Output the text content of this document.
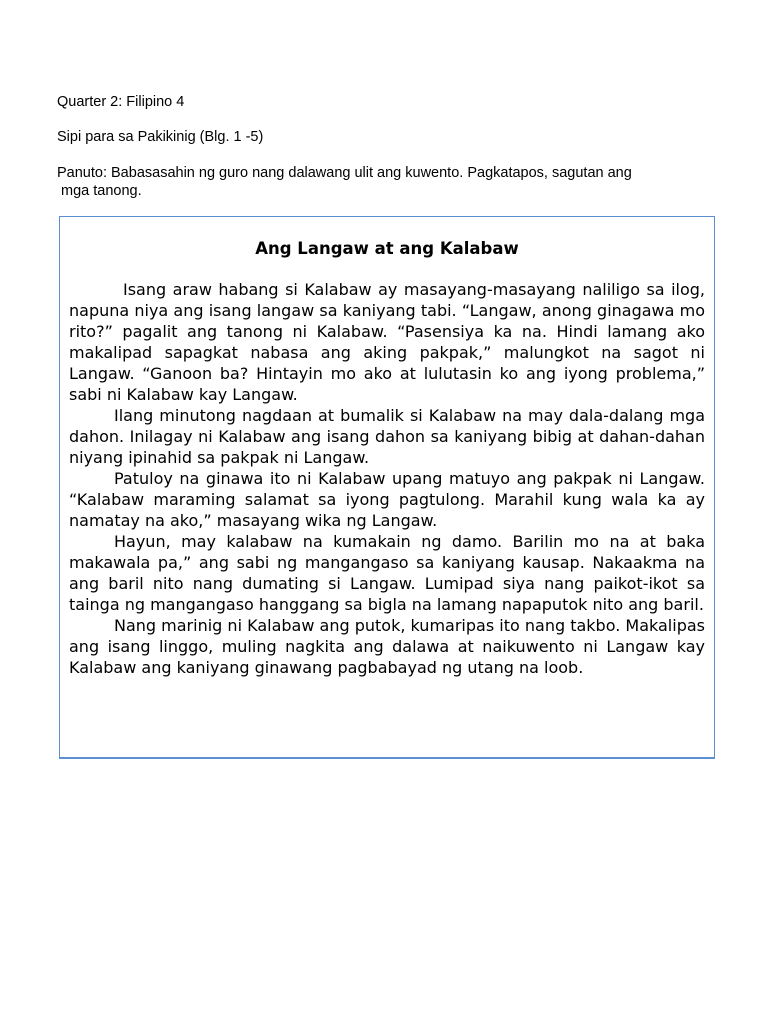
Quarter 2: Filipino 4

Sipi para sa Pakikinig (Blg. 1 -5)

Panuto: Babasasahin ng guro nang dalawang ulit ang kuwento. Pagkatapos, sagutan ang
mga tanong.

Ang Langaw at ang Kalabaw

Isang araw habang si Kalabaw ay masayang-masayang naliligo sa ilog, napuna niya ang isang langaw sa kaniyang tabi. “Langaw, anong ginagawa mo rito?” pagalit ang tanong ni Kalabaw. “Pasensiya ka na. Hindi lamang ako makalipad sapagkat nabasa ang aking pakpak,” malungkot na sagot ni Langaw. “Ganoon ba? Hintayin mo ako at lulutasin ko ang iyong problema,” sabi ni Kalabaw kay Langaw.

Ilang minutong nagdaan at bumalik si Kalabaw na may dala-dalang mga dahon. Inilagay ni Kalabaw ang isang dahon sa kaniyang bibig at dahan-dahan niyang ipinahid sa pakpak ni Langaw.

Patuloy na ginawa ito ni Kalabaw upang matuyo ang pakpak ni Langaw. “Kalabaw maraming salamat sa iyong pagtulong. Marahil kung wala ka ay namatay na ako,” masayang wika ng Langaw.

Hayun, may kalabaw na kumakain ng damo. Barilin mo na at baka makawala pa,” ang sabi ng mangangaso sa kaniyang kausap. Nakaakma na ang baril nito nang dumating si Langaw. Lumipad siya nang paikot-ikot sa tainga ng mangangaso hanggang sa bigla na lamang napaputok nito ang baril.

Nang marinig ni Kalabaw ang putok, kumaripas ito nang takbo. Makalipas ang isang linggo, muling nagkita ang dalawa at naikuwento ni Langaw kay Kalabaw ang kaniyang ginawang pagbabayad ng utang na loob.
